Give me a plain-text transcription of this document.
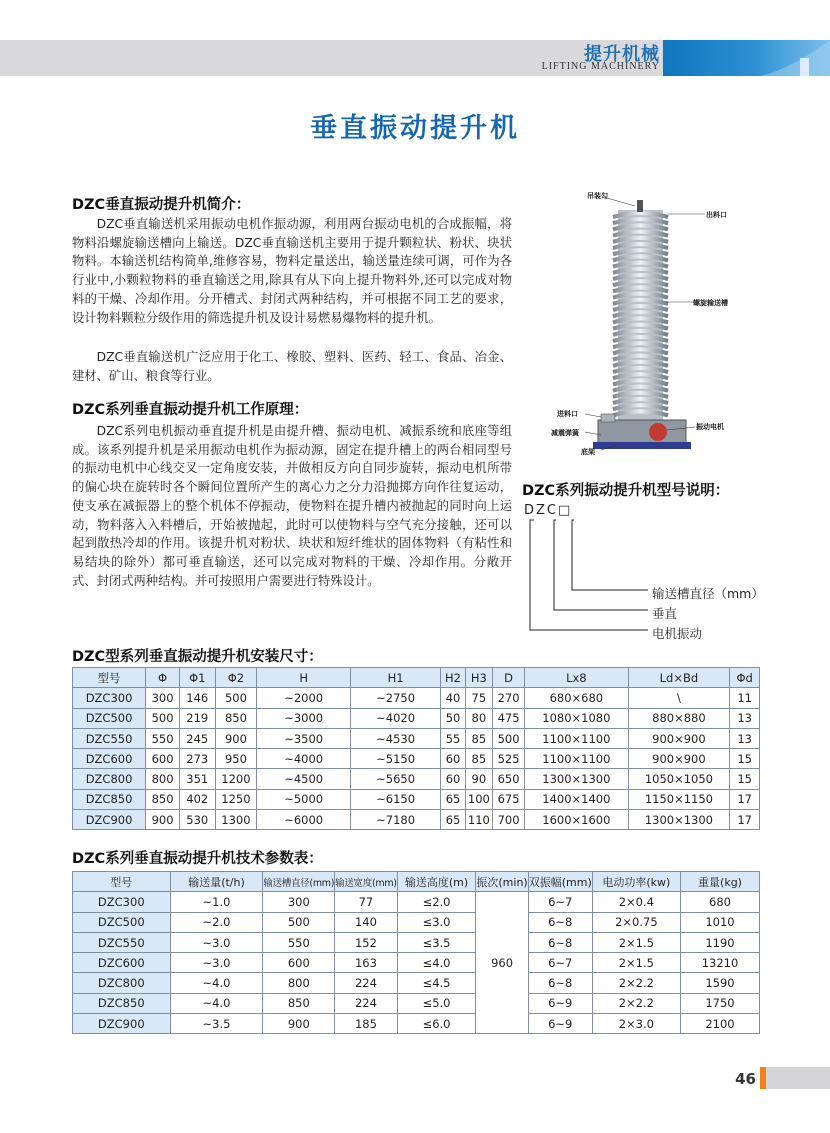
提升机械
LIFTING MACHINERY
垂直振动提升机
DZC垂直振动提升机简介：
DZC垂直输送机采用振动电机作振动源，利用两台振动电机的合成振幅，将物料沿螺旋输送槽向上输送。DZC垂直输送机主要用于提升颗粒状、粉状、块状物料。本输送机结构简单,维修容易，物料定量送出，输送量连续可调，可作为各行业中,小颗粒物料的垂直输送之用,除具有从下向上提升物料外,还可以完成对物料的干燥、冷却作用。分开槽式、封闭式两种结构，并可根据不同工艺的要求，设计物料颗粒分级作用的筛选提升机及设计易燃易爆物料的提升机。
DZC垂直输送机广泛应用于化工、橡胶、塑料、医药、轻工、食品、冶金、建材、矿山、粮食等行业。
DZC系列垂直振动提升机工作原理：
DZC系列电机振动垂直提升机是由提升槽、振动电机、减振系统和底座等组成。该系列提升机是采用振动电机作为振动源，固定在提升槽上的两台相同型号的振动电机中心线交叉一定角度安装，并做相反方向自同步旋转，振动电机所带的偏心块在旋转时各个瞬间位置所产生的离心力之分力沿抛掷方向作往复运动，使支承在减振器上的整个机体不停振动，使物料在提升槽内被抛起的同时向上运动，物料落入入料槽后，开始被抛起，此时可以使物料与空气充分接触，还可以起到散热冷却的作用。该提升机对粉状、块状和短纤维状的固体物料（有粘性和易结块的除外）都可垂直输送，还可以完成对物料的干燥、冷却作用。分敞开式、封闭式两种结构。并可按照用户需要进行特殊设计。
吊装勾
出料口
螺旋输送槽
进料口
减震弹簧
振动电机
底架
DZC系列振动提升机型号说明：
DZC□
输送槽直径（mm）
垂直
电机振动
DZC型系列垂直振动提升机安装尺寸：
型号	Φ	Φ1	Φ2	H	H1	H2	H3	D	Lx8	Ld×Bd	Φd
DZC300	300	146	500	~2000	~2750	40	75	270	680×680	\	11
DZC500	500	219	850	~3000	~4020	50	80	475	1080×1080	880×880	13
DZC550	550	245	900	~3500	~4530	55	85	500	1100×1100	900×900	13
DZC600	600	273	950	~4000	~5150	60	85	525	1100×1100	900×900	15
DZC800	800	351	1200	~4500	~5650	60	90	650	1300×1300	1050×1050	15
DZC850	850	402	1250	~5000	~6150	65	100	675	1400×1400	1150×1150	17
DZC900	900	530	1300	~6000	~7180	65	110	700	1600×1600	1300×1300	17
DZC系列垂直振动提升机技术参数表：
型号	输送量(t/h)	输送槽直径(mm)	输送宽度(mm)	输送高度(m)	振次(min)	双振幅(mm)	电动功率(kw)	重量(kg)
DZC300	~1.0	300	77	≤2.0	960	6~7	2×0.4	680
DZC500	~2.0	500	140	≤3.0		6~8	2×0.75	1010
DZC550	~3.0	550	152	≤3.5		6~8	2×1.5	1190
DZC600	~3.0	600	163	≤4.0		6~7	2×1.5	13210
DZC800	~4.0	800	224	≤4.5		6~8	2×2.2	1590
DZC850	~4.0	850	224	≤5.0		6~9	2×2.2	1750
DZC900	~3.5	900	185	≤6.0		6~9	2×3.0	2100
46
